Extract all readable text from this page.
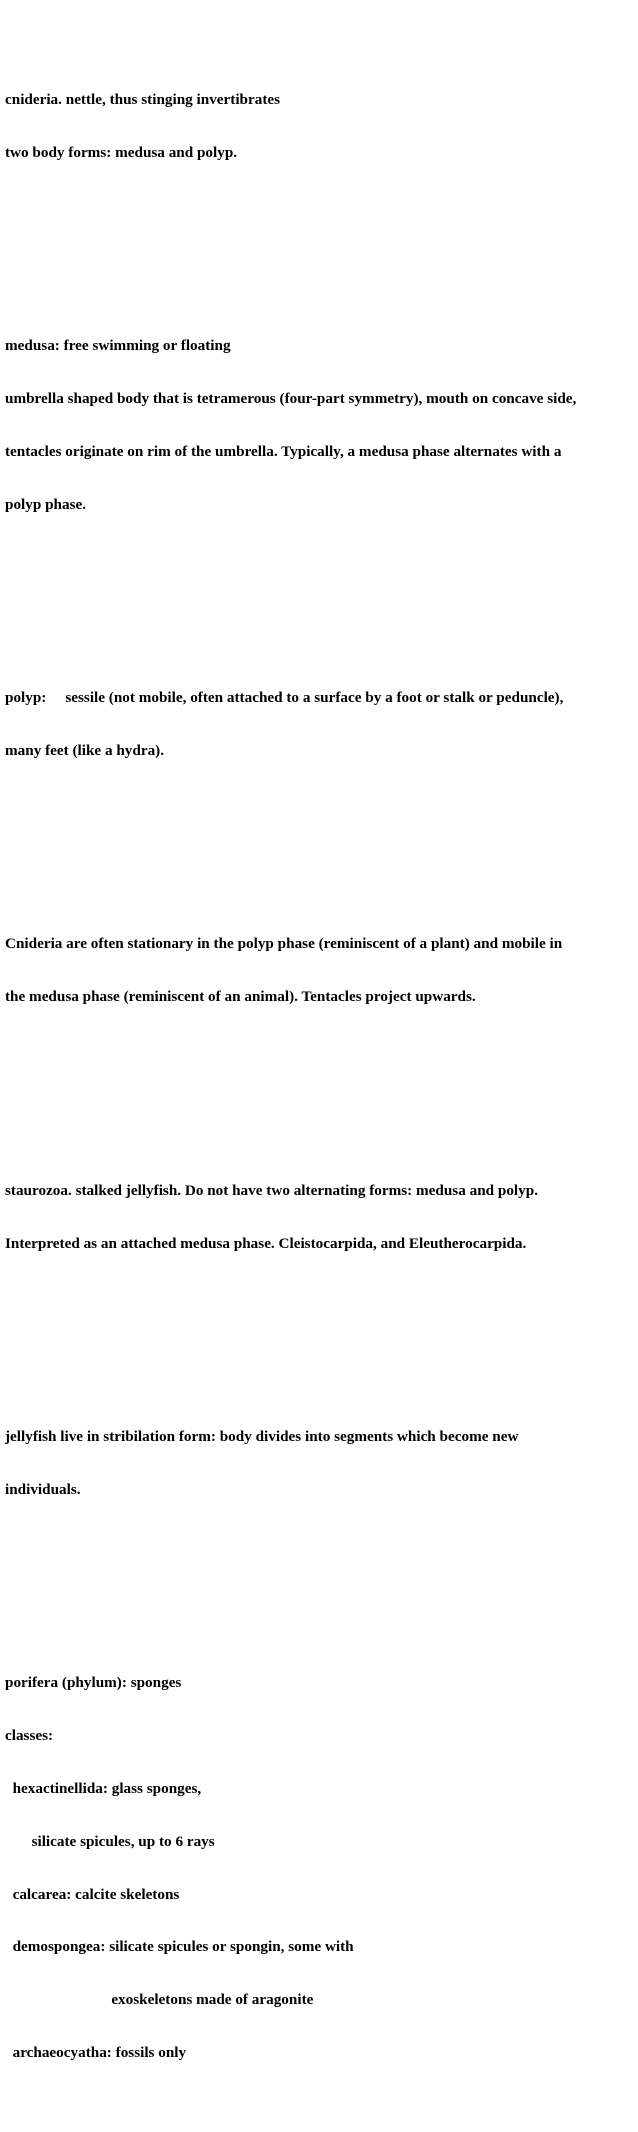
cnideria. nettle, thus stinging invertibrates

two body forms: medusa and polyp.

medusa: free swimming or floating

umbrella shaped body that is tetramerous (four-part symmetry), mouth on concave side,

tentacles originate on rim of the umbrella. Typically, a medusa phase alternates with a

polyp phase.

polyp:     sessile (not mobile, often attached to a surface by a foot or stalk or peduncle),

many feet (like a hydra).

Cnideria are often stationary in the polyp phase (reminiscent of a plant) and mobile in

the medusa phase (reminiscent of an animal). Tentacles project upwards.

staurozoa. stalked jellyfish. Do not have two alternating forms: medusa and polyp.

Interpreted as an attached medusa phase. Cleistocarpida, and Eleutherocarpida.

jellyfish live in stribilation form: body divides into segments which become new

individuals.

porifera (phylum): sponges

classes:

hexactinellida: glass sponges,

silicate spicules, up to 6 rays

calcarea: calcite skeletons

demospongea: silicate spicules or spongin, some with

exoskeletons made of aragonite

archaeocyatha: fossils only
